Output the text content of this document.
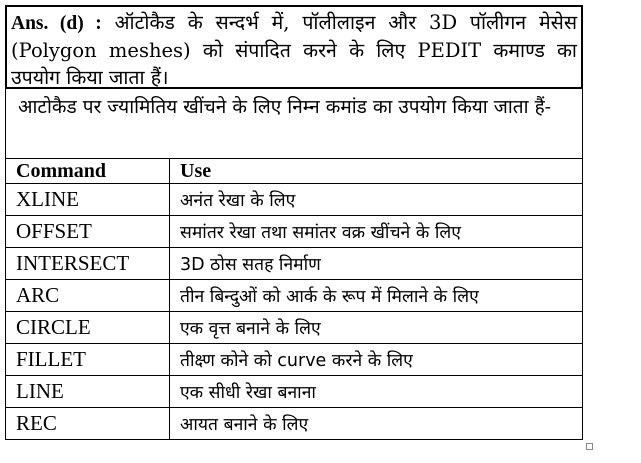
Ans. (d) : ऑटोकैड के सन्दर्भ में, पॉलीलाइन और 3D पॉलीगन मेसेस (Polygon meshes) को संपादित करने के लिए PEDIT कमाण्ड का उपयोग किया जाता हैं।
आटोकैड पर ज्यामितिय खींचने के लिए निम्न कमांड का उपयोग किया जाता हैं-
Command	Use
XLINE	अनंत रेखा के लिए
OFFSET	समांतर रेखा तथा समांतर वक्र खींचने के लिए
INTERSECT	3D ठोस सतह निर्माण
ARC	तीन बिन्दुओं को आर्क के रूप में मिलाने के लिए
CIRCLE	एक वृत्त बनाने के लिए
FILLET	तीक्ष्ण कोने को curve करने के लिए
LINE	एक सीधी रेखा बनाना
REC	आयत बनाने के लिए
